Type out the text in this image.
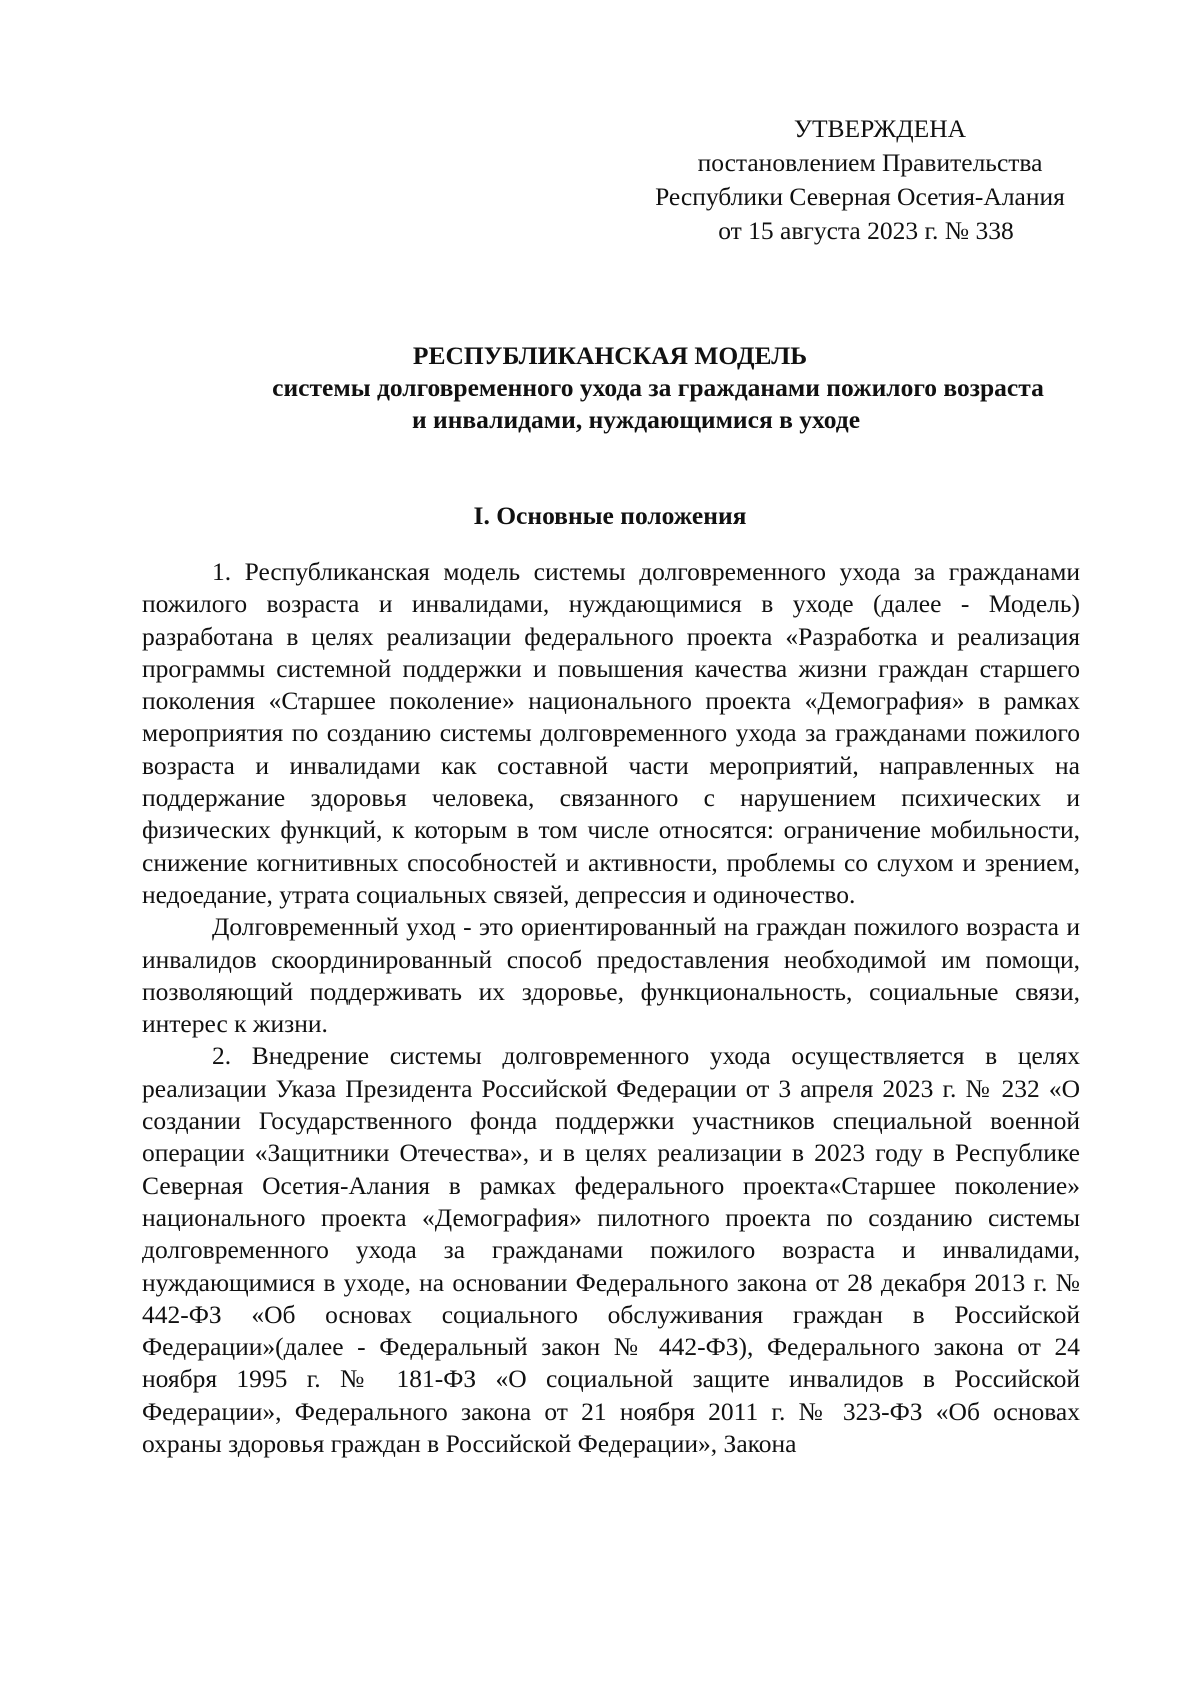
УТВЕРЖДЕНА
постановлением Правительства
Республики Северная Осетия-Алания
от 15 августа 2023 г. № 338
РЕСПУБЛИКАНСКАЯ МОДЕЛЬ
системы долговременного ухода за гражданами пожилого возраста
и инвалидами, нуждающимися в уходе
I. Основные положения

1. Республиканская модель системы долговременного ухода за гражданами пожилого возраста и инвалидами, нуждающимися в уходе (далее - Модель) разработана в целях реализации федерального проекта «Разработка и реализация программы системной поддержки и повышения качества жизни граждан старшего поколения «Старшее поколение» национального проекта «Демография» в рамках мероприятия по созданию системы долговременного ухода за гражданами пожилого возраста и инвалидами как составной части мероприятий, направленных на поддержание здоровья человека, связанного с нарушением психических и физических функций, к которым в том числе относятся: ограничение мобильности, снижение когнитивных способностей и активности, проблемы со слухом и зрением, недоедание, утрата социальных связей, депрессия и одиночество.

Долговременный уход - это ориентированный на граждан пожилого возраста и инвалидов скоординированный способ предоставления необходимой им помощи, позволяющий поддерживать их здоровье, функциональность, социальные связи, интерес к жизни.

2. Внедрение системы долговременного ухода осуществляется в целях реализации Указа Президента Российской Федерации от 3 апреля 2023 г. № 232 «О создании Государственного фонда поддержки участников специальной военной операции «Защитники Отечества», и в целях реализации в 2023 году в Республике Северная Осетия-Алания в рамках федерального проекта«Старшее поколение» национального проекта «Демография» пилотного проекта по созданию системы долговременного ухода за гражданами пожилого возраста и инвалидами, нуждающимися в уходе, на основании Федерального закона от 28 декабря 2013 г. № 442-ФЗ «Об основах социального обслуживания граждан в Российской Федерации»(далее - Федеральный закон № 442-ФЗ), Федерального закона от 24 ноября 1995 г. № 181-ФЗ «О социальной защите инвалидов в Российской Федерации», Федерального закона от 21 ноября 2011 г. № 323-ФЗ «Об основах охраны здоровья граждан в Российской Федерации», Закона
